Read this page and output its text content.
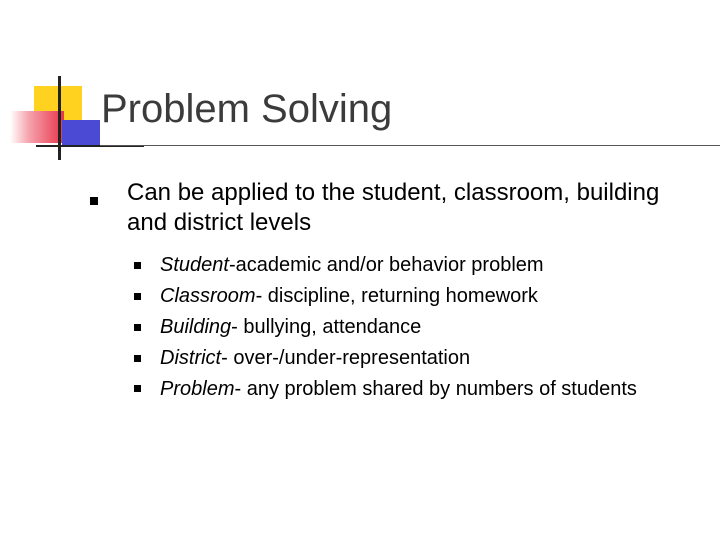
Problem Solving
Can be applied to the student, classroom, building and district levels
Student-academic and/or behavior problem
Classroom- discipline, returning homework
Building- bullying, attendance
District- over-/under-representation
Problem- any problem shared by numbers of students
